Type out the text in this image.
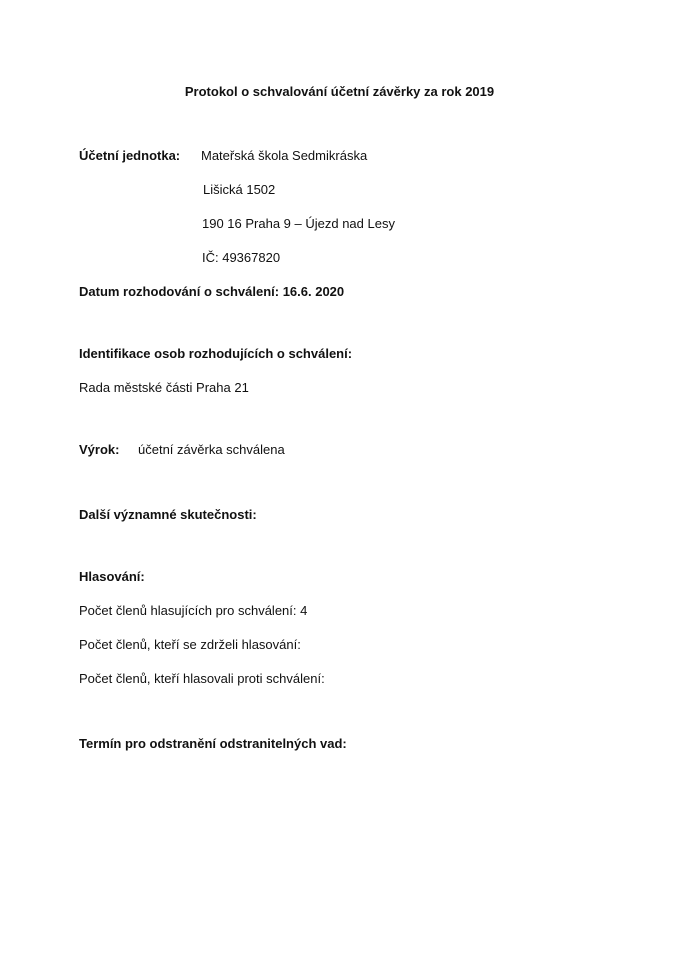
Protokol o schvalování účetní závěrky za rok 2019
Účetní jednotka: Mateřská škola Sedmikráska
Lišická 1502
190 16 Praha 9 – Újezd nad Lesy
IČ: 49367820
Datum rozhodování o schválení: 16.6. 2020
Identifikace osob rozhodujících o schválení:
Rada městské části Praha 21
Výrok: účetní závěrka schválena
Další významné skutečnosti:
Hlasování:
Počet členů hlasujících pro schválení: 4
Počet členů, kteří se zdrželi hlasování:
Počet členů, kteří hlasovali proti schválení:
Termín pro odstranění odstranitelných vad:
